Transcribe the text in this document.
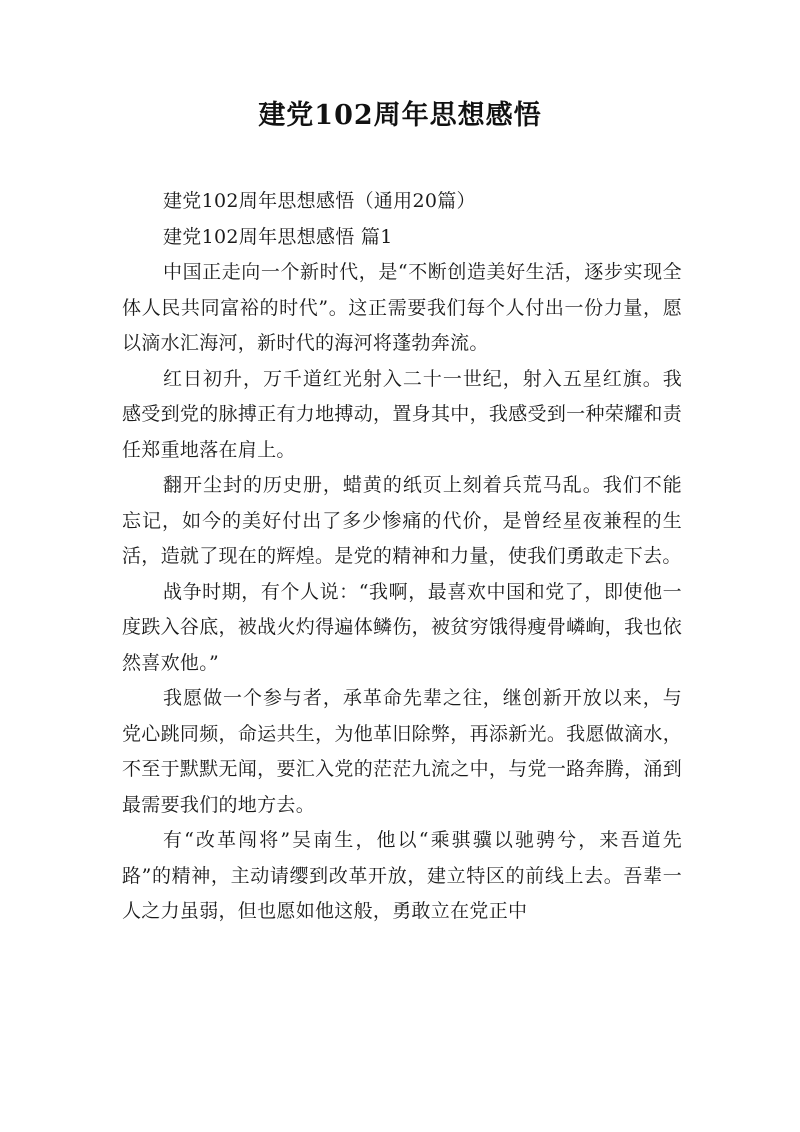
建党102周年思想感悟

建党102周年思想感悟（通用20篇）

建党102周年思想感悟 篇1

中国正走向一个新时代，是“不断创造美好生活，逐步实现全体人民共同富裕的时代”。这正需要我们每个人付出一份力量，愿以滴水汇海河，新时代的海河将蓬勃奔流。

红日初升，万千道红光射入二十一世纪，射入五星红旗。我感受到党的脉搏正有力地搏动，置身其中，我感受到一种荣耀和责任郑重地落在肩上。

翻开尘封的历史册，蜡黄的纸页上刻着兵荒马乱。我们不能忘记，如今的美好付出了多少惨痛的代价，是曾经星夜兼程的生活，造就了现在的辉煌。是党的精神和力量，使我们勇敢走下去。

战争时期，有个人说：“我啊，最喜欢中国和党了，即使他一度跌入谷底，被战火灼得遍体鳞伤，被贫穷饿得瘦骨嶙峋，我也依然喜欢他。”

我愿做一个参与者，承革命先辈之往，继创新开放以来，与党心跳同频，命运共生，为他革旧除弊，再添新光。我愿做滴水，不至于默默无闻，要汇入党的茫茫九流之中，与党一路奔腾，涌到最需要我们的地方去。

有“改革闯将”吴南生，他以“乘骐骥以驰骋兮，来吾道先路”的精神，主动请缨到改革开放，建立特区的前线上去。吾辈一人之力虽弱，但也愿如他这般，勇敢立在党正中
